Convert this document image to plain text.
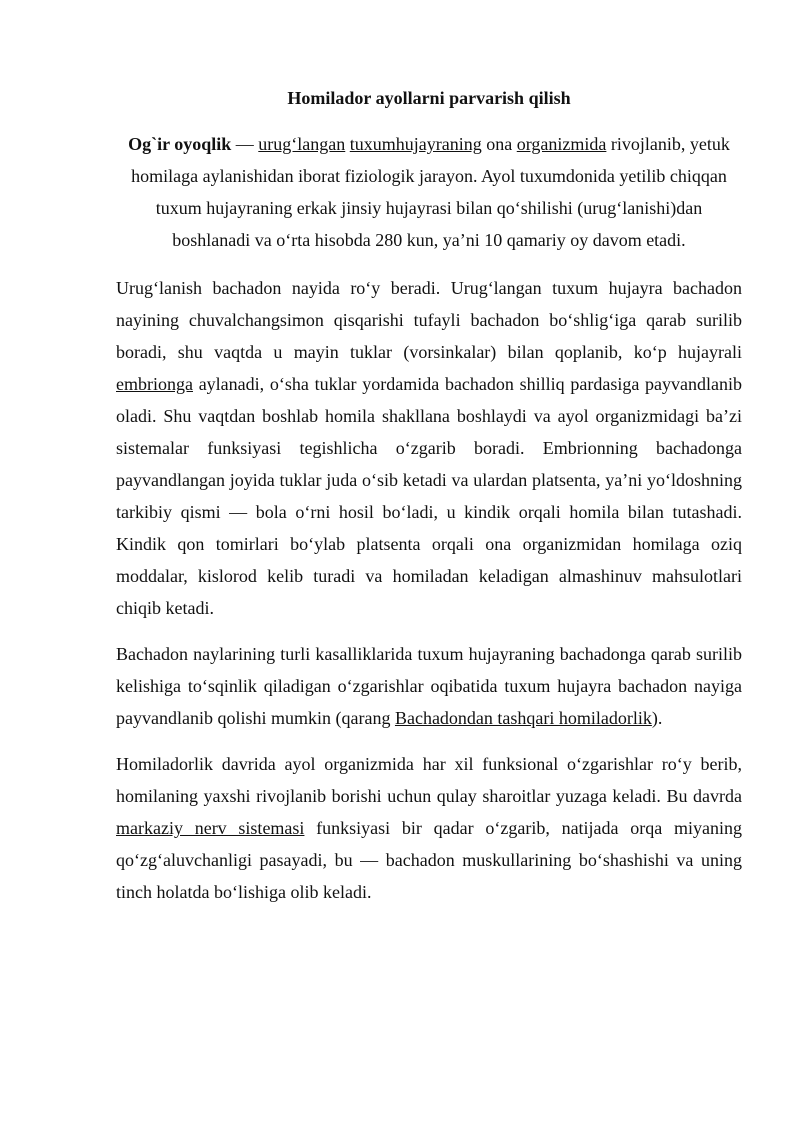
Homilador ayollarni parvarish qilish

Og`ir oyoqlik — urug‘langan tuxumhujayraning ona organizmida rivojlanib, yetuk homilaga aylanishidan iborat fiziologik jarayon. Ayol tuxumdonida yetilib chiqqan tuxum hujayraning erkak jinsiy hujayrasi bilan qo‘shilishi (urug‘lanishi)dan boshlanadi va o‘rta hisobda 280 kun, ya’ni 10 qamariy oy davom etadi.

Urug‘lanish bachadon nayida ro‘y beradi. Urug‘langan tuxum hujayra bachadon nayining chuvalchangsimon qisqarishi tufayli bachadon bo‘shlig‘iga qarab surilib boradi, shu vaqtda u mayin tuklar (vorsinkalar) bilan qoplanib, ko‘p hujayrali embrionga aylanadi, o‘sha tuklar yordamida bachadon shilliq pardasiga payvandlanib oladi. Shu vaqtdan boshlab homila shakllana boshlaydi va ayol organizmidagi ba’zi sistemalar funksiyasi tegishlicha o‘zgarib boradi. Embrionning bachadonga payvandlangan joyida tuklar juda o‘sib ketadi va ulardan platsenta, ya’ni yo‘ldoshning tarkibiy qismi — bola o‘rni hosil bo‘ladi, u kindik orqali homila bilan tutashadi. Kindik qon tomirlari bo‘ylab platsenta orqali ona organizmidan homilaga oziq moddalar, kislorod kelib turadi va homiladan keladigan almashinuv mahsulotlari chiqib ketadi.

Bachadon naylarining turli kasalliklarida tuxum hujayraning bachadonga qarab surilib kelishiga to‘sqinlik qiladigan o‘zgarishlar oqibatida tuxum hujayra bachadon nayiga payvandlanib qolishi mumkin (qarang Bachadondan tashqari homiladorlik).

Homiladorlik davrida ayol organizmida har xil funksional o‘zgarishlar ro‘y berib, homilaning yaxshi rivojlanib borishi uchun qulay sharoitlar yuzaga keladi. Bu davrda markaziy nerv sistemasi funksiyasi bir qadar o‘zgarib, natijada orqa miyaning qo‘zg‘aluvchanligi pasayadi, bu — bachadon muskullarining bo‘shashishi va uning tinch holatda bo‘lishiga olib keladi.
